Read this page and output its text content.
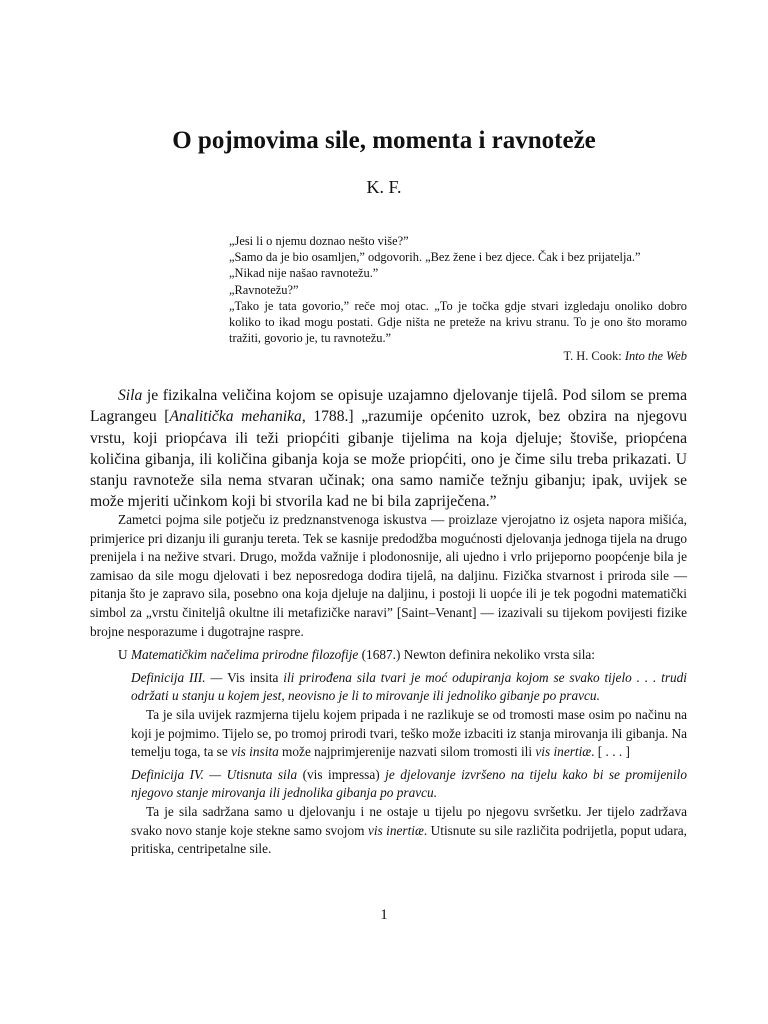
O pojmovima sile, momenta i ravnoteže
K. F.
„Jesi li o njemu doznao nešto više?”
„Samo da je bio osamljen,” odgovorih. „Bez žene i bez djece. Čak i bez prijatelja.”
„Nikad nije našao ravnotežu.”
„Ravnotežu?”
„Tako je tata govorio,” reče moj otac. „To je točka gdje stvari izgledaju onoliko dobro koliko to ikad mogu postati. Gdje ništa ne preteže na krivu stranu. To je ono što moramo tražiti, govorio je, tu ravnotežu.”
T. H. Cook: Into the Web

Sila je fizikalna veličina kojom se opisuje uzajamno djelovanje tijelâ. Pod silom se prema Lagrangeu [Analitička mehanika, 1788.] „razumije općenito uzrok, bez obzira na njegovu vrstu, koji priopćava ili teži priopćiti gibanje tijelima na koja djeluje; štoviše, priopćena količina gibanja, ili količina gibanja koja se može priopćiti, ono je čime silu treba prikazati. U stanju ravnoteže sila nema stvaran učinak; ona samo namiče težnju gibanju; ipak, uvijek se može mjeriti učinkom koji bi stvorila kad ne bi bila zapriječena.”

Zametci pojma sile potječu iz predznanstvenoga iskustva — proizlaze vjerojatno iz osjeta napora mišića, primjerice pri dizanju ili guranju tereta. Tek se kasnije predodžba mogućnosti djelovanja jednoga tijela na drugo prenijela i na nežive stvari. Drugo, možda važnije i plodonosnije, ali ujedno i vrlo prijeporno poopćenje bila je zamisao da sile mogu djelovati i bez neposredoga dodira tijelâ, na daljinu. Fizička stvarnost i priroda sile — pitanja što je zapravo sila, posebno ona koja djeluje na daljinu, i postoji li uopće ili je tek pogodni matematički simbol za „vrstu činiteljâ okultne ili metafizičke naravi” [Saint–Venant] — izazivali su tijekom povijesti fizike brojne nesporazume i dugotrajne raspre.

U Matematičkim načelima prirodne filozofije (1687.) Newton definira nekoliko vrsta sila:

Definicija III. — Vis insita ili prirođena sila tvari je moć odupiranja kojom se svako tijelo . . . trudi održati u stanju u kojem jest, neovisno je li to mirovanje ili jednoliko gibanje po pravcu.

Ta je sila uvijek razmjerna tijelu kojem pripada i ne razlikuje se od tromosti mase osim po načinu na koji je pojmimo. Tijelo se, po tromoj prirodi tvari, teško može izbaciti iz stanja mirovanja ili gibanja. Na temelju toga, ta se vis insita može najprimjerenije nazvati silom tromosti ili vis inertiæ. [ . . . ]

Definicija IV. — Utisnuta sila (vis impressa) je djelovanje izvršeno na tijelu kako bi se promijenilo njegovo stanje mirovanja ili jednolika gibanja po pravcu.

Ta je sila sadržana samo u djelovanju i ne ostaje u tijelu po njegovu svršetku. Jer tijelo zadržava svako novo stanje koje stekne samo svojom vis inertiæ. Utisnute su sile različita podrijetla, poput udara, pritiska, centripetalne sile.

1
